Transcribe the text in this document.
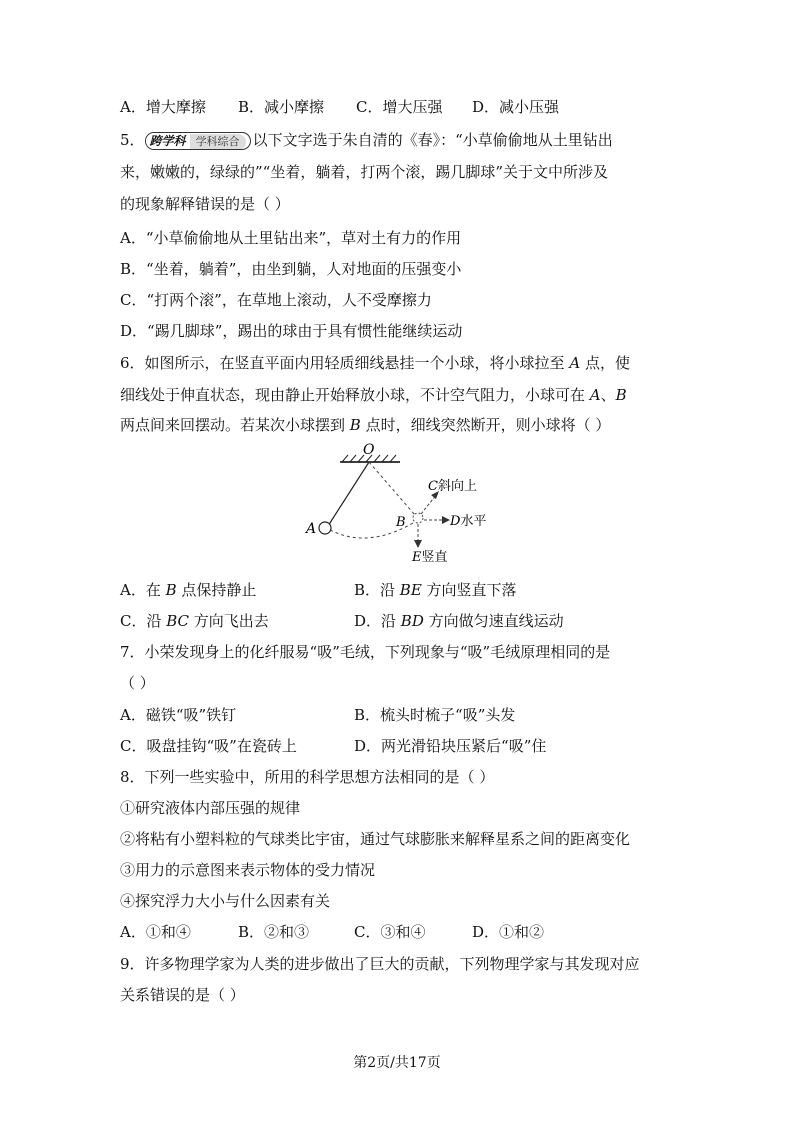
A．增大摩擦 B．减小摩擦 C．增大压强 D．减小压强
5． 跨学科 学科综合 以下文字选于朱自清的《春》：“小草偷偷地从土里钻出
来，嫩嫩的，绿绿的”“坐着，躺着，打两个滚，踢几脚球”关于文中所涉及
的现象解释错误的是（ ）
A．“小草偷偷地从土里钻出来”，草对土有力的作用
B．“坐着，躺着”，由坐到躺，人对地面的压强变小
C．“打两个滚”，在草地上滚动，人不受摩擦力
D．“踢几脚球”，踢出的球由于具有惯性能继续运动
6．如图所示，在竖直平面内用轻质细线悬挂一个小球，将小球拉至 A 点，使
细线处于伸直状态，现由静止开始释放小球，不计空气阻力，小球可在 A、B
两点间来回摆动。若某次小球摆到 B 点时，细线突然断开，则小球将（ ）
O
A	B
C斜向上
D水平
E竖直
A．在 B 点保持静止	B．沿 BE 方向竖直下落
C．沿 BC 方向飞出去	D．沿 BD 方向做匀速直线运动
7．小荣发现身上的化纤服易“吸”毛绒，下列现象与“吸”毛绒原理相同的是
（ ）
A．磁铁“吸”铁钉	B．梳头时梳子“吸”头发
C．吸盘挂钩“吸”在瓷砖上	D．两光滑铅块压紧后“吸”住
8．下列一些实验中，所用的科学思想方法相同的是（ ）
①研究液体内部压强的规律
②将粘有小塑料粒的气球类比宇宙，通过气球膨胀来解释星系之间的距离变化
③用力的示意图来表示物体的受力情况
④探究浮力大小与什么因素有关
A．①和④	B．②和③	C．③和④	D．①和②
9．许多物理学家为人类的进步做出了巨大的贡献，下列物理学家与其发现对应
关系错误的是（ ）
第2页/共17页
